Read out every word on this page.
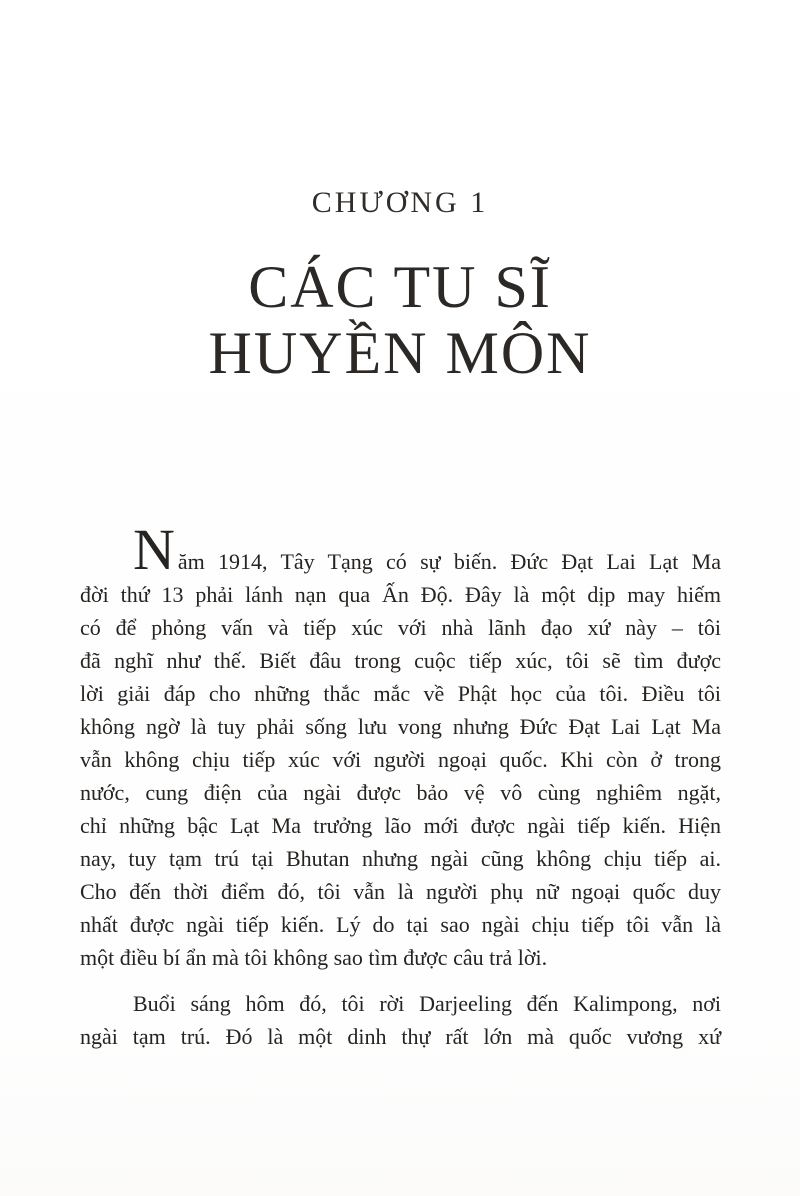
CHƯƠNG 1
CÁC TU SĨ
HUYỀN MÔN
Năm 1914, Tây Tạng có sự biến. Đức Đạt Lai Lạt Ma
đời thứ 13 phải lánh nạn qua Ấn Độ. Đây là một dịp may hiếm
có để phỏng vấn và tiếp xúc với nhà lãnh đạo xứ này – tôi
đã nghĩ như thế. Biết đâu trong cuộc tiếp xúc, tôi sẽ tìm được
lời giải đáp cho những thắc mắc về Phật học của tôi. Điều tôi
không ngờ là tuy phải sống lưu vong nhưng Đức Đạt Lai Lạt Ma
vẫn không chịu tiếp xúc với người ngoại quốc. Khi còn ở trong
nước, cung điện của ngài được bảo vệ vô cùng nghiêm ngặt,
chỉ những bậc Lạt Ma trưởng lão mới được ngài tiếp kiến. Hiện
nay, tuy tạm trú tại Bhutan nhưng ngài cũng không chịu tiếp ai.
Cho đến thời điểm đó, tôi vẫn là người phụ nữ ngoại quốc duy
nhất được ngài tiếp kiến. Lý do tại sao ngài chịu tiếp tôi vẫn là
một điều bí ẩn mà tôi không sao tìm được câu trả lời.
Buổi sáng hôm đó, tôi rời Darjeeling đến Kalimpong, nơi
ngài tạm trú. Đó là một dinh thự rất lớn mà quốc vương xứ
